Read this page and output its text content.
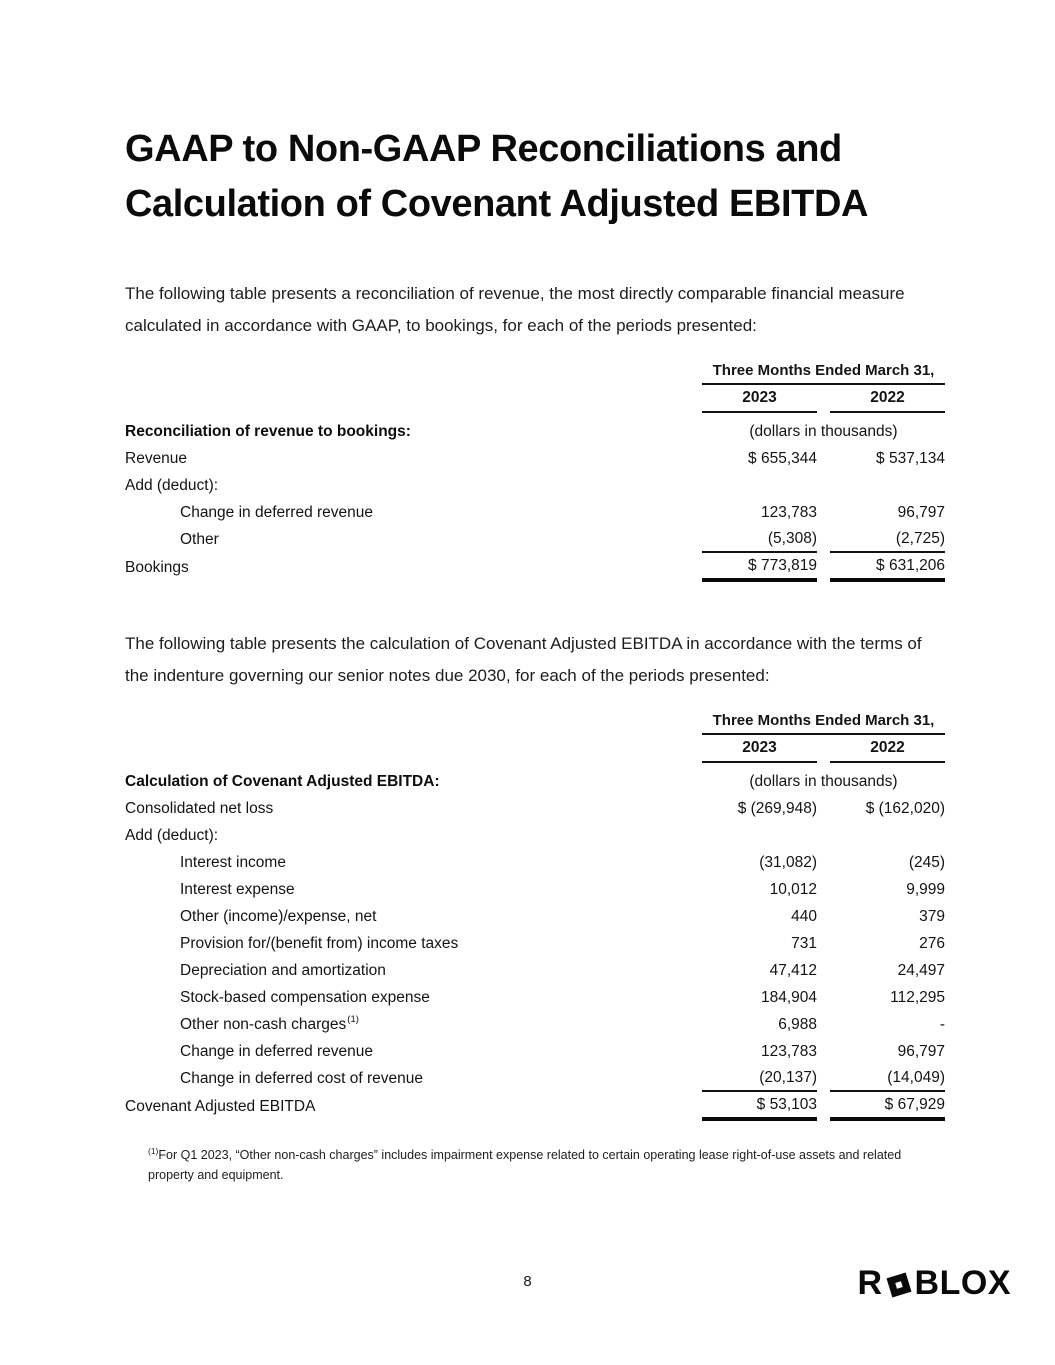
GAAP to Non-GAAP Reconciliations and Calculation of Covenant Adjusted EBITDA

The following table presents a reconciliation of revenue, the most directly comparable financial measure calculated in accordance with GAAP, to bookings, for each of the periods presented:

Three Months Ended March 31,
2023	2022
Reconciliation of revenue to bookings:	(dollars in thousands)
Revenue	$ 655,344	$ 537,134
Add (deduct):
Change in deferred revenue	123,783	96,797
Other	(5,308)	(2,725)
Bookings	$ 773,819	$ 631,206

The following table presents the calculation of Covenant Adjusted EBITDA in accordance with the terms of the indenture governing our senior notes due 2030, for each of the periods presented:

Three Months Ended March 31,
2023	2022
Calculation of Covenant Adjusted EBITDA:	(dollars in thousands)
Consolidated net loss	$ (269,948)	$ (162,020)
Add (deduct):
Interest income	(31,082)	(245)
Interest expense	10,012	9,999
Other (income)/expense, net	440	379
Provision for/(benefit from) income taxes	731	276
Depreciation and amortization	47,412	24,497
Stock-based compensation expense	184,904	112,295
Other non-cash charges (1)	6,988	-
Change in deferred revenue	123,783	96,797
Change in deferred cost of revenue	(20,137)	(14,049)
Covenant Adjusted EBITDA	$ 53,103	$ 67,929

$^{(1)}$For Q1 2023, “Other non-cash charges” includes impairment expense related to certain operating lease right-of-use assets and related property and equipment.

8	R BLOX
